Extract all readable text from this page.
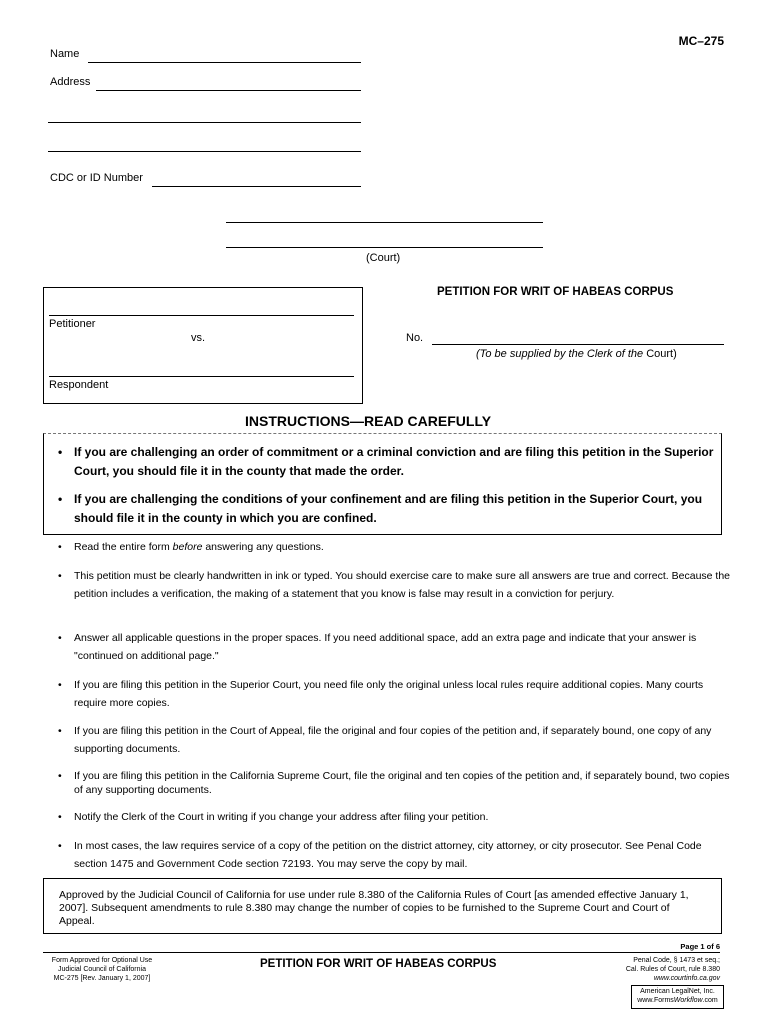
MC–275
Name
Address
CDC or ID Number
(Court)
Petitioner
vs.
Respondent
PETITION FOR WRIT OF HABEAS CORPUS
No.
(To be supplied by the Clerk of the Court)
INSTRUCTIONS—READ CAREFULLY
• If you are challenging an order of commitment or a criminal conviction and are filing this petition in the Superior Court, you should file it in the county that made the order.
• If you are challenging the conditions of your confinement and are filing this petition in the Superior Court, you should file it in the county in which you are confined.
• Read the entire form before answering any questions.
• This petition must be clearly handwritten in ink or typed. You should exercise care to make sure all answers are true and correct. Because the petition includes a verification, the making of a statement that you know is false may result in a conviction for perjury.
• Answer all applicable questions in the proper spaces. If you need additional space, add an extra page and indicate that your answer is "continued on additional page."
• If you are filing this petition in the Superior Court, you need file only the original unless local rules require additional copies. Many courts require more copies.
• If you are filing this petition in the Court of Appeal, file the original and four copies of the petition and, if separately bound, one copy of any supporting documents.
• If you are filing this petition in the California Supreme Court, file the original and ten copies of the petition and, if separately bound, two copies of any supporting documents.
• Notify the Clerk of the Court in writing if you change your address after filing your petition.
• In most cases, the law requires service of a copy of the petition on the district attorney, city attorney, or city prosecutor. See Penal Code section 1475 and Government Code section 72193. You may serve the copy by mail.
Approved by the Judicial Council of California for use under rule 8.380 of the California Rules of Court [as amended effective January 1, 2007]. Subsequent amendments to rule 8.380 may change the number of copies to be furnished to the Supreme Court and Court of Appeal.
Page 1 of 6
Form Approved for Optional Use
Judicial Council of California
MC-275 [Rev. January 1, 2007]
PETITION FOR WRIT OF HABEAS CORPUS	Penal Code, § 1473 et seq.;
Cal. Rules of Court, rule 8.380
www.courtinfo.ca.gov
American LegalNet, Inc.
www.FormsWorkflow.com
